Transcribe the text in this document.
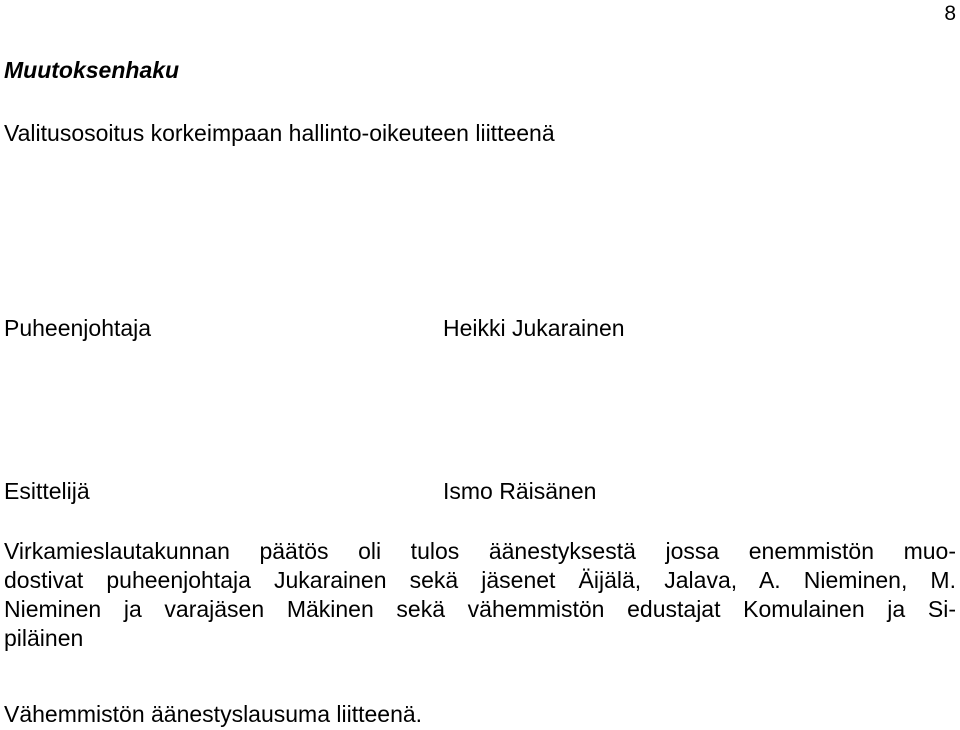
8
Muutoksenhaku
Valitusosoitus korkeimpaan hallinto-oikeuteen liitteenä
Puheenjohtaja	Heikki Jukarainen
Esittelijä	Ismo Räisänen
Virkamieslautakunnan päätös oli tulos äänestyksestä jossa enemmistön muo-
dostivat puheenjohtaja Jukarainen sekä jäsenet Äijälä, Jalava, A. Nieminen, M.
Nieminen ja varajäsen Mäkinen sekä vähemmistön edustajat Komulainen ja Si-
piläinen
Vähemmistön äänestyslausuma liitteenä.
